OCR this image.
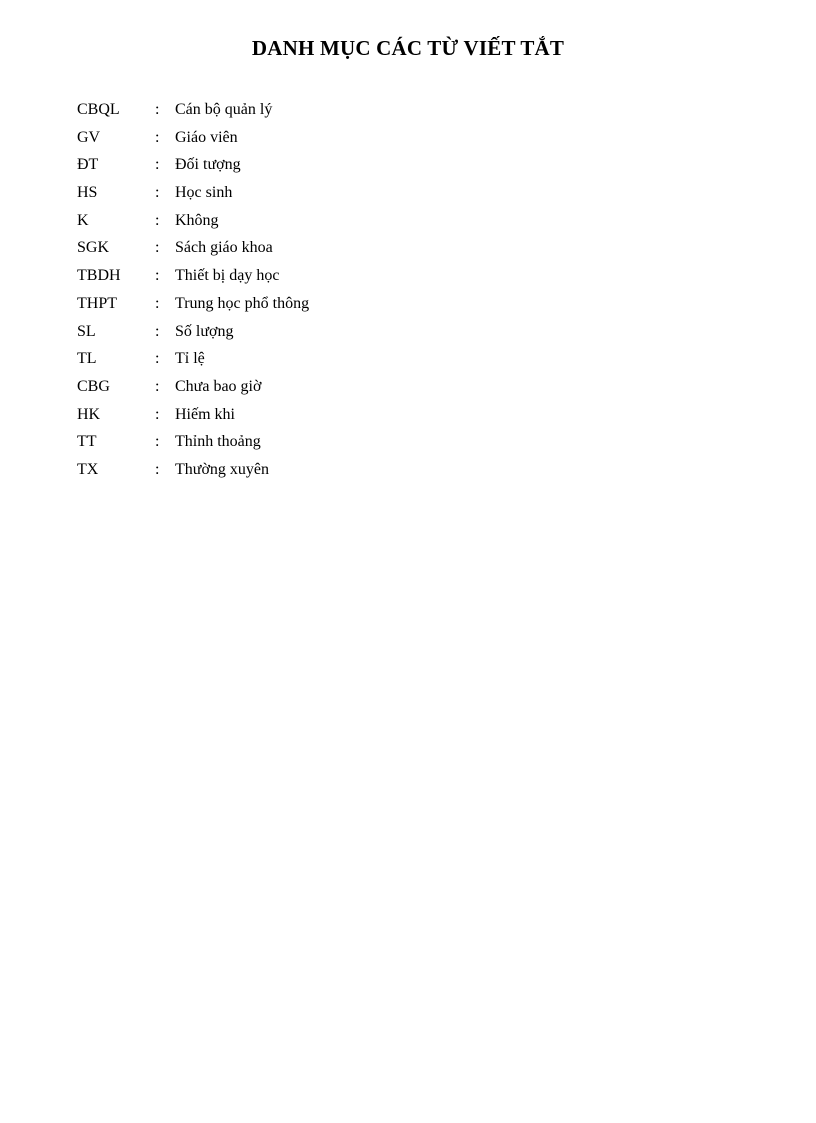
DANH MỤC CÁC TỪ VIẾT TẮT
CBQL	: Cán bộ quản lý
GV	: Giáo viên
ĐT	: Đối tượng
HS	: Học sinh
K	: Không
SGK	: Sách giáo khoa
TBDH	: Thiết bị dạy học
THPT	: Trung học phổ thông
SL	: Số lượng
TL	: Tỉ lệ
CBG	: Chưa bao giờ
HK	: Hiếm khi
TT	: Thỉnh thoảng
TX	: Thường xuyên
